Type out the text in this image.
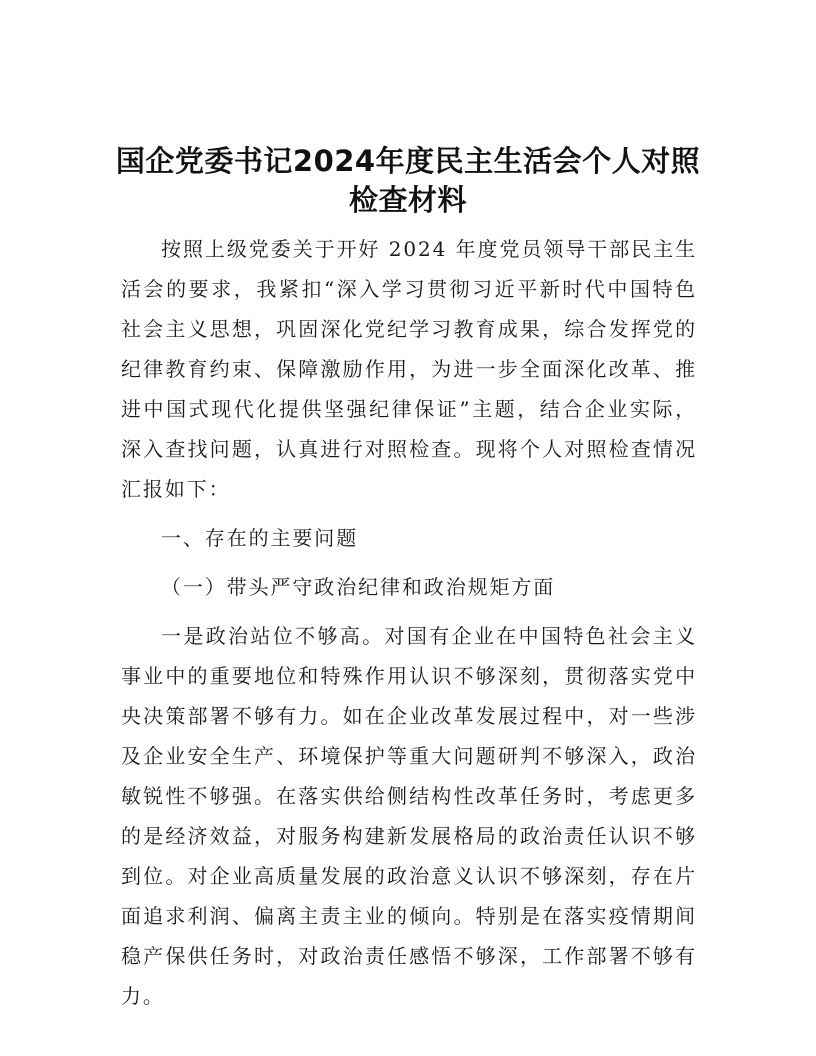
国企党委书记2024年度民主生活会个人对照检查材料

按照上级党委关于开好 2024 年度党员领导干部民主生活会的要求，我紧扣“深入学习贯彻习近平新时代中国特色社会主义思想，巩固深化党纪学习教育成果，综合发挥党的纪律教育约束、保障激励作用，为进一步全面深化改革、推进中国式现代化提供坚强纪律保证”主题，结合企业实际，深入查找问题，认真进行对照检查。现将个人对照检查情况汇报如下：

一、存在的主要问题

（一）带头严守政治纪律和政治规矩方面

一是政治站位不够高。对国有企业在中国特色社会主义事业中的重要地位和特殊作用认识不够深刻，贯彻落实党中央决策部署不够有力。如在企业改革发展过程中，对一些涉及企业安全生产、环境保护等重大问题研判不够深入，政治敏锐性不够强。在落实供给侧结构性改革任务时，考虑更多的是经济效益，对服务构建新发展格局的政治责任认识不够到位。对企业高质量发展的政治意义认识不够深刻，存在片面追求利润、偏离主责主业的倾向。特别是在落实疫情期间稳产保供任务时，对政治责任感悟不够深，工作部署不够有力。
